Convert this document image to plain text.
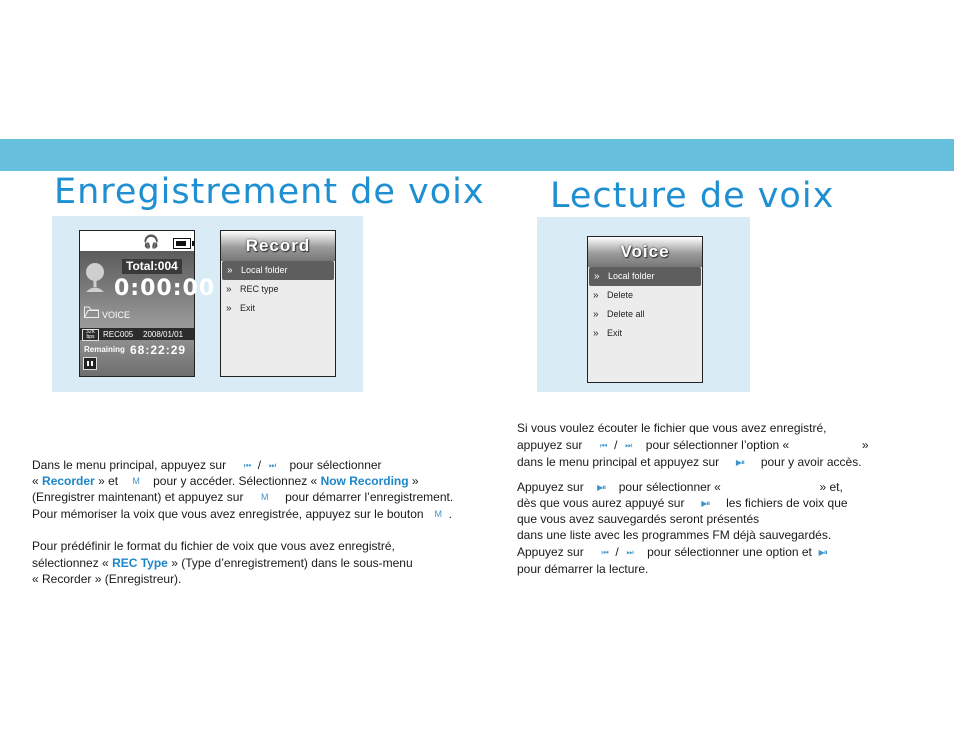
Enregistrement de voix
🎧
Total:004
0:00:00
VOICE
32K bps	REC005 2008/01/01
Remaining 68:22:29
Record
» Local folder
» REC type
» Exit

Dans le menu principal, appuyez sur ⏮ / ⏭ pour sélectionner

« Recorder » et M pour y accéder. Sélectionnez « Now Recording »

(Enregistrer maintenant) et appuyez sur M pour démarrer l’enregistrement.

Pour mémoriser la voix que vous avez enregistrée, appuyez sur le bouton M .

Pour prédéfinir le format du fichier de voix que vous avez enregistré,

sélectionnez « REC Type » (Type d’enregistrement) dans le sous-menu

« Recorder » (Enregistreur).

Lecture de voix
Voice
» Local folder
» Delete
» Delete all
» Exit

Si vous voulez écouter le fichier que vous avez enregistré,

appuyez sur ⏮ / ⏭ pour sélectionner l’option «	»

dans le menu principal et appuyez sur ▶⏸ pour y avoir accès.

Appuyez sur ▶⏸ pour sélectionner «	» et,

dès que vous aurez appuyé sur ▶⏸ les fichiers de voix que

que vous avez sauvegardés seront présentés

dans une liste avec les programmes FM déjà sauvegardés.

Appuyez sur ⏮ / ⏭ pour sélectionner une option et ▶⏸

pour démarrer la lecture.
